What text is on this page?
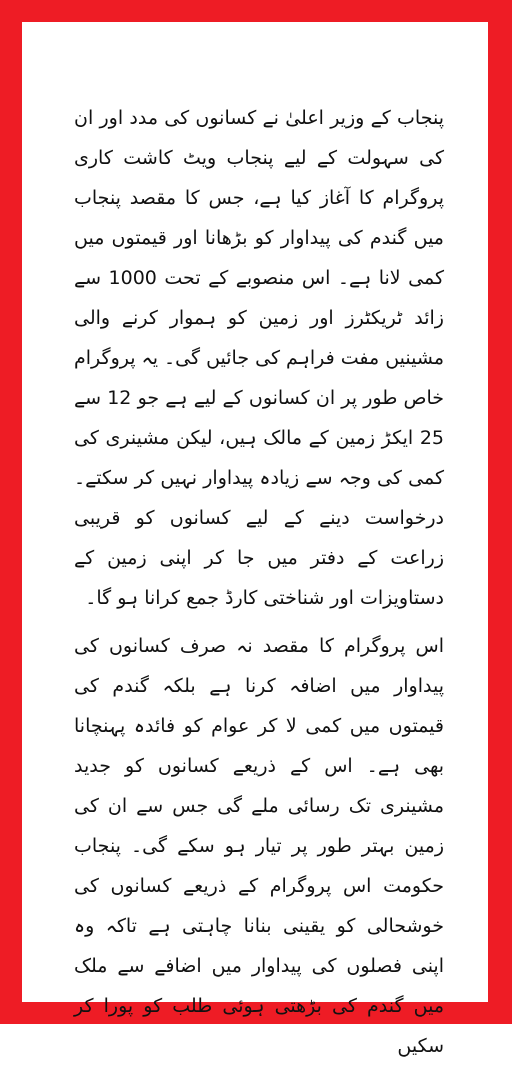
پنجاب کے وزیر اعلیٰ نے کسانوں کی مدد اور ان کی سہولت کے لیے پنجاب ویٹ کاشت کاری پروگرام کا آغاز کیا ہے، جس کا مقصد پنجاب میں گندم کی پیداوار کو بڑھانا اور قیمتوں میں کمی لانا ہے۔ اس منصوبے کے تحت 1000 سے زائد ٹریکٹرز اور زمین کو ہموار کرنے والی مشینیں مفت فراہم کی جائیں گی۔ یہ پروگرام خاص طور پر ان کسانوں کے لیے ہے جو 12 سے 25 ایکڑ زمین کے مالک ہیں، لیکن مشینری کی کمی کی وجہ سے زیادہ پیداوار نہیں کر سکتے۔ درخواست دینے کے لیے کسانوں کو قریبی زراعت کے دفتر میں جا کر اپنی زمین کے دستاویزات اور شناختی کارڈ جمع کرانا ہو گا۔

اس پروگرام کا مقصد نہ صرف کسانوں کی پیداوار میں اضافہ کرنا ہے بلکہ گندم کی قیمتوں میں کمی لا کر عوام کو فائدہ پہنچانا بھی ہے۔ اس کے ذریعے کسانوں کو جدید مشینری تک رسائی ملے گی جس سے ان کی زمین بہتر طور پر تیار ہو سکے گی۔ پنجاب حکومت اس پروگرام کے ذریعے کسانوں کی خوشحالی کو یقینی بنانا چاہتی ہے تاکہ وہ اپنی فصلوں کی پیداوار میں اضافے سے ملک میں گندم کی بڑھتی ہوئی طلب کو پورا کر سکیں
